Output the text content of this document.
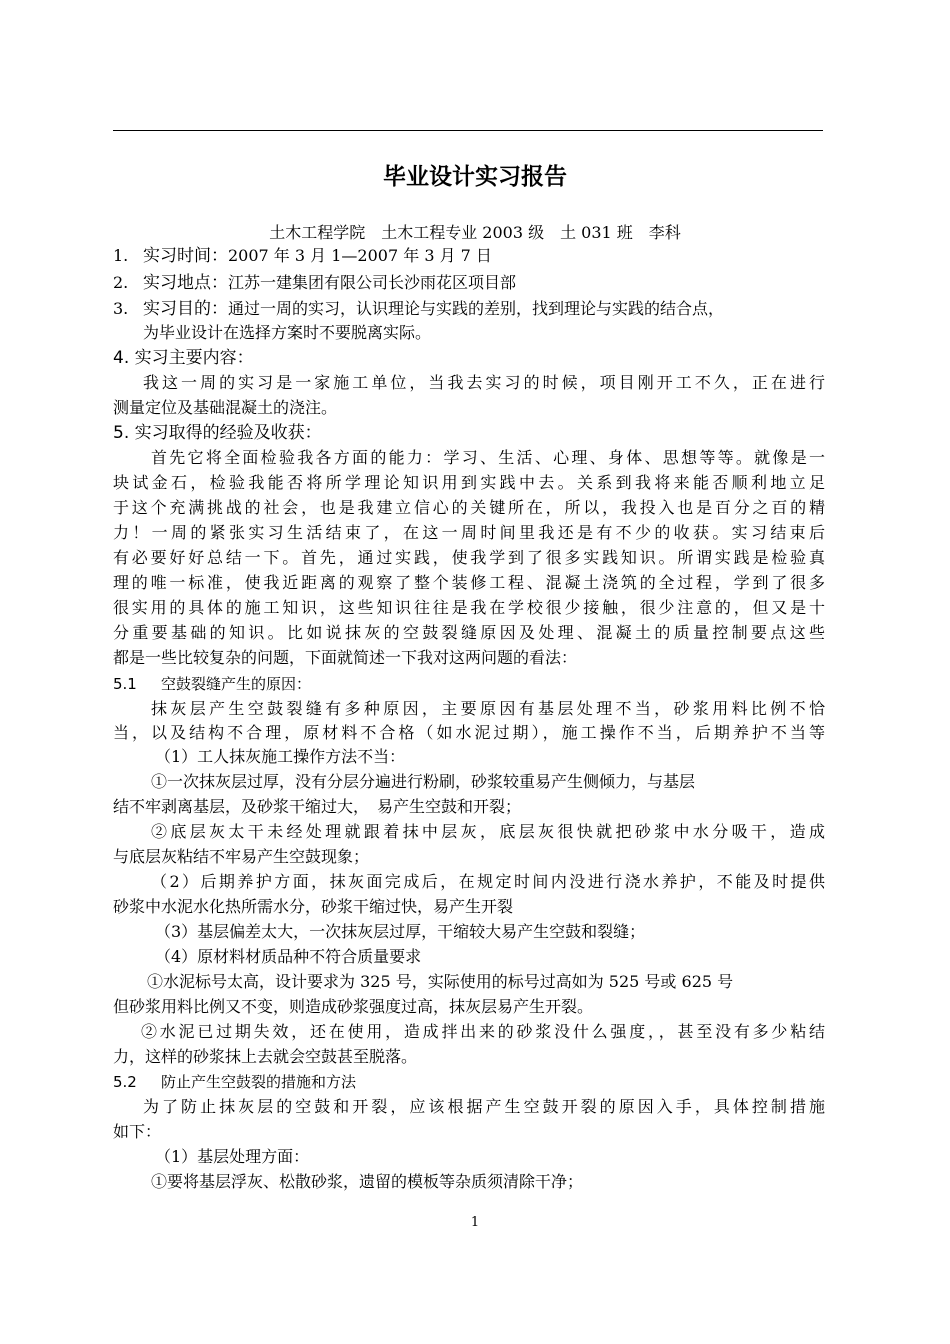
毕业设计实习报告
土木工程学院　土木工程专业 2003 级　土 031 班　李科
1. 实习时间：2007 年 3 月 1—2007 年 3 月 7 日
2. 实习地点：江苏一建集团有限公司长沙雨花区项目部
3. 实习目的：通过一周的实习，认识理论与实践的差别，找到理论与实践的结合点，
为毕业设计在选择方案时不要脱离实际。
4. 实习主要内容：
我这一周的实习是一家施工单位，当我去实习的时候，项目刚开工不久，正在进行
测量定位及基础混凝土的浇注。
5. 实习取得的经验及收获：
首先它将全面检验我各方面的能力：学习、生活、心理、身体、思想等等。就像是一
块试金石，检验我能否将所学理论知识用到实践中去。关系到我将来能否顺利地立足
于这个充满挑战的社会，也是我建立信心的关键所在，所以，我投入也是百分之百的精
力！一周的紧张实习生活结束了，在这一周时间里我还是有不少的收获。实习结束后
有必要好好总结一下。首先，通过实践，使我学到了很多实践知识。所谓实践是检验真
理的唯一标准，使我近距离的观察了整个装修工程、混凝土浇筑的全过程，学到了很多
很实用的具体的施工知识，这些知识往往是我在学校很少接触，很少注意的，但又是十
分重要基础的知识。比如说抹灰的空鼓裂缝原因及处理、混凝土的质量控制要点这些
都是一些比较复杂的问题，下面就简述一下我对这两问题的看法：
5.1 空鼓裂缝产生的原因：
抹灰层产生空鼓裂缝有多种原因，主要原因有基层处理不当，砂浆用料比例不恰
当，以及结构不合理，原材料不合格（如水泥过期），施工操作不当，后期养护不当等
（1）工人抹灰施工操作方法不当：
①一次抹灰层过厚，没有分层分遍进行粉刷，砂浆较重易产生侧倾力，与基层
结不牢剥离基层，及砂浆干缩过大，　易产生空鼓和开裂；
②底层灰太干未经处理就跟着抹中层灰，底层灰很快就把砂浆中水分吸干，造成
与底层灰粘结不牢易产生空鼓现象；
（2）后期养护方面，抹灰面完成后，在规定时间内没进行浇水养护，不能及时提供
砂浆中水泥水化热所需水分，砂浆干缩过快，易产生开裂
（3）基层偏差太大，一次抹灰层过厚，干缩较大易产生空鼓和裂缝；
（4）原材料材质品种不符合质量要求
①水泥标号太高，设计要求为 325 号，实际使用的标号过高如为 525 号或 625 号
但砂浆用料比例又不变，则造成砂浆强度过高，抹灰层易产生开裂。
②水泥已过期失效，还在使用，造成拌出来的砂浆没什么强度，，甚至没有多少粘结
力，这样的砂浆抹上去就会空鼓甚至脱落。
5.2 防止产生空鼓裂的措施和方法
为了防止抹灰层的空鼓和开裂，应该根据产生空鼓开裂的原因入手，具体控制措施
如下：
（1）基层处理方面：
①要将基层浮灰、松散砂浆，遗留的模板等杂质须清除干净；
1
